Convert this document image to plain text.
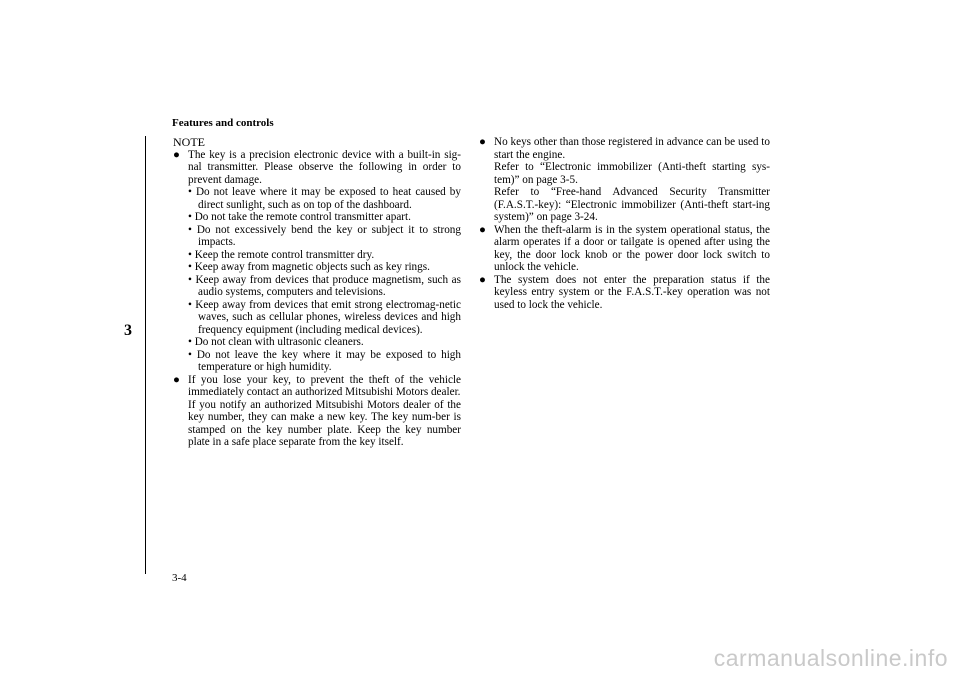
Features and controls
3
NOTE
● The key is a precision electronic device with a built-in sig-nal transmitter. Please observe the following in order to prevent damage.

• Do not leave where it may be exposed to heat caused by direct sunlight, such as on top of the dashboard.

• Do not take the remote control transmitter apart.

• Do not excessively bend the key or subject it to strong impacts.

• Keep the remote control transmitter dry.

• Keep away from magnetic objects such as key rings.

• Keep away from devices that produce magnetism, such as audio systems, computers and televisions.

• Keep away from devices that emit strong electromag-netic waves, such as cellular phones, wireless devices and high frequency equipment (including medical devices).

• Do not clean with ultrasonic cleaners.

• Do not leave the key where it may be exposed to high temperature or high humidity.

● If you lose your key, to prevent the theft of the vehicle immediately contact an authorized Mitsubishi Motors dealer.

If you notify an authorized Mitsubishi Motors dealer of the key number, they can make a new key. The key num-ber is stamped on the key number plate. Keep the key number plate in a safe place separate from the key itself.

● No keys other than those registered in advance can be used to start the engine.

Refer to “Electronic immobilizer (Anti-theft starting sys-tem)” on page 3-5.

Refer to “Free-hand Advanced Security Transmitter (F.A.S.T.-key): “Electronic immobilizer (Anti-theft start-ing system)” on page 3-24.

● When the theft-alarm is in the system operational status, the alarm operates if a door or tailgate is opened after using the key, the door lock knob or the power door lock switch to unlock the vehicle.

● The system does not enter the preparation status if the keyless entry system or the F.A.S.T.-key operation was not used to lock the vehicle.

3-4
carmanualsonline.info
